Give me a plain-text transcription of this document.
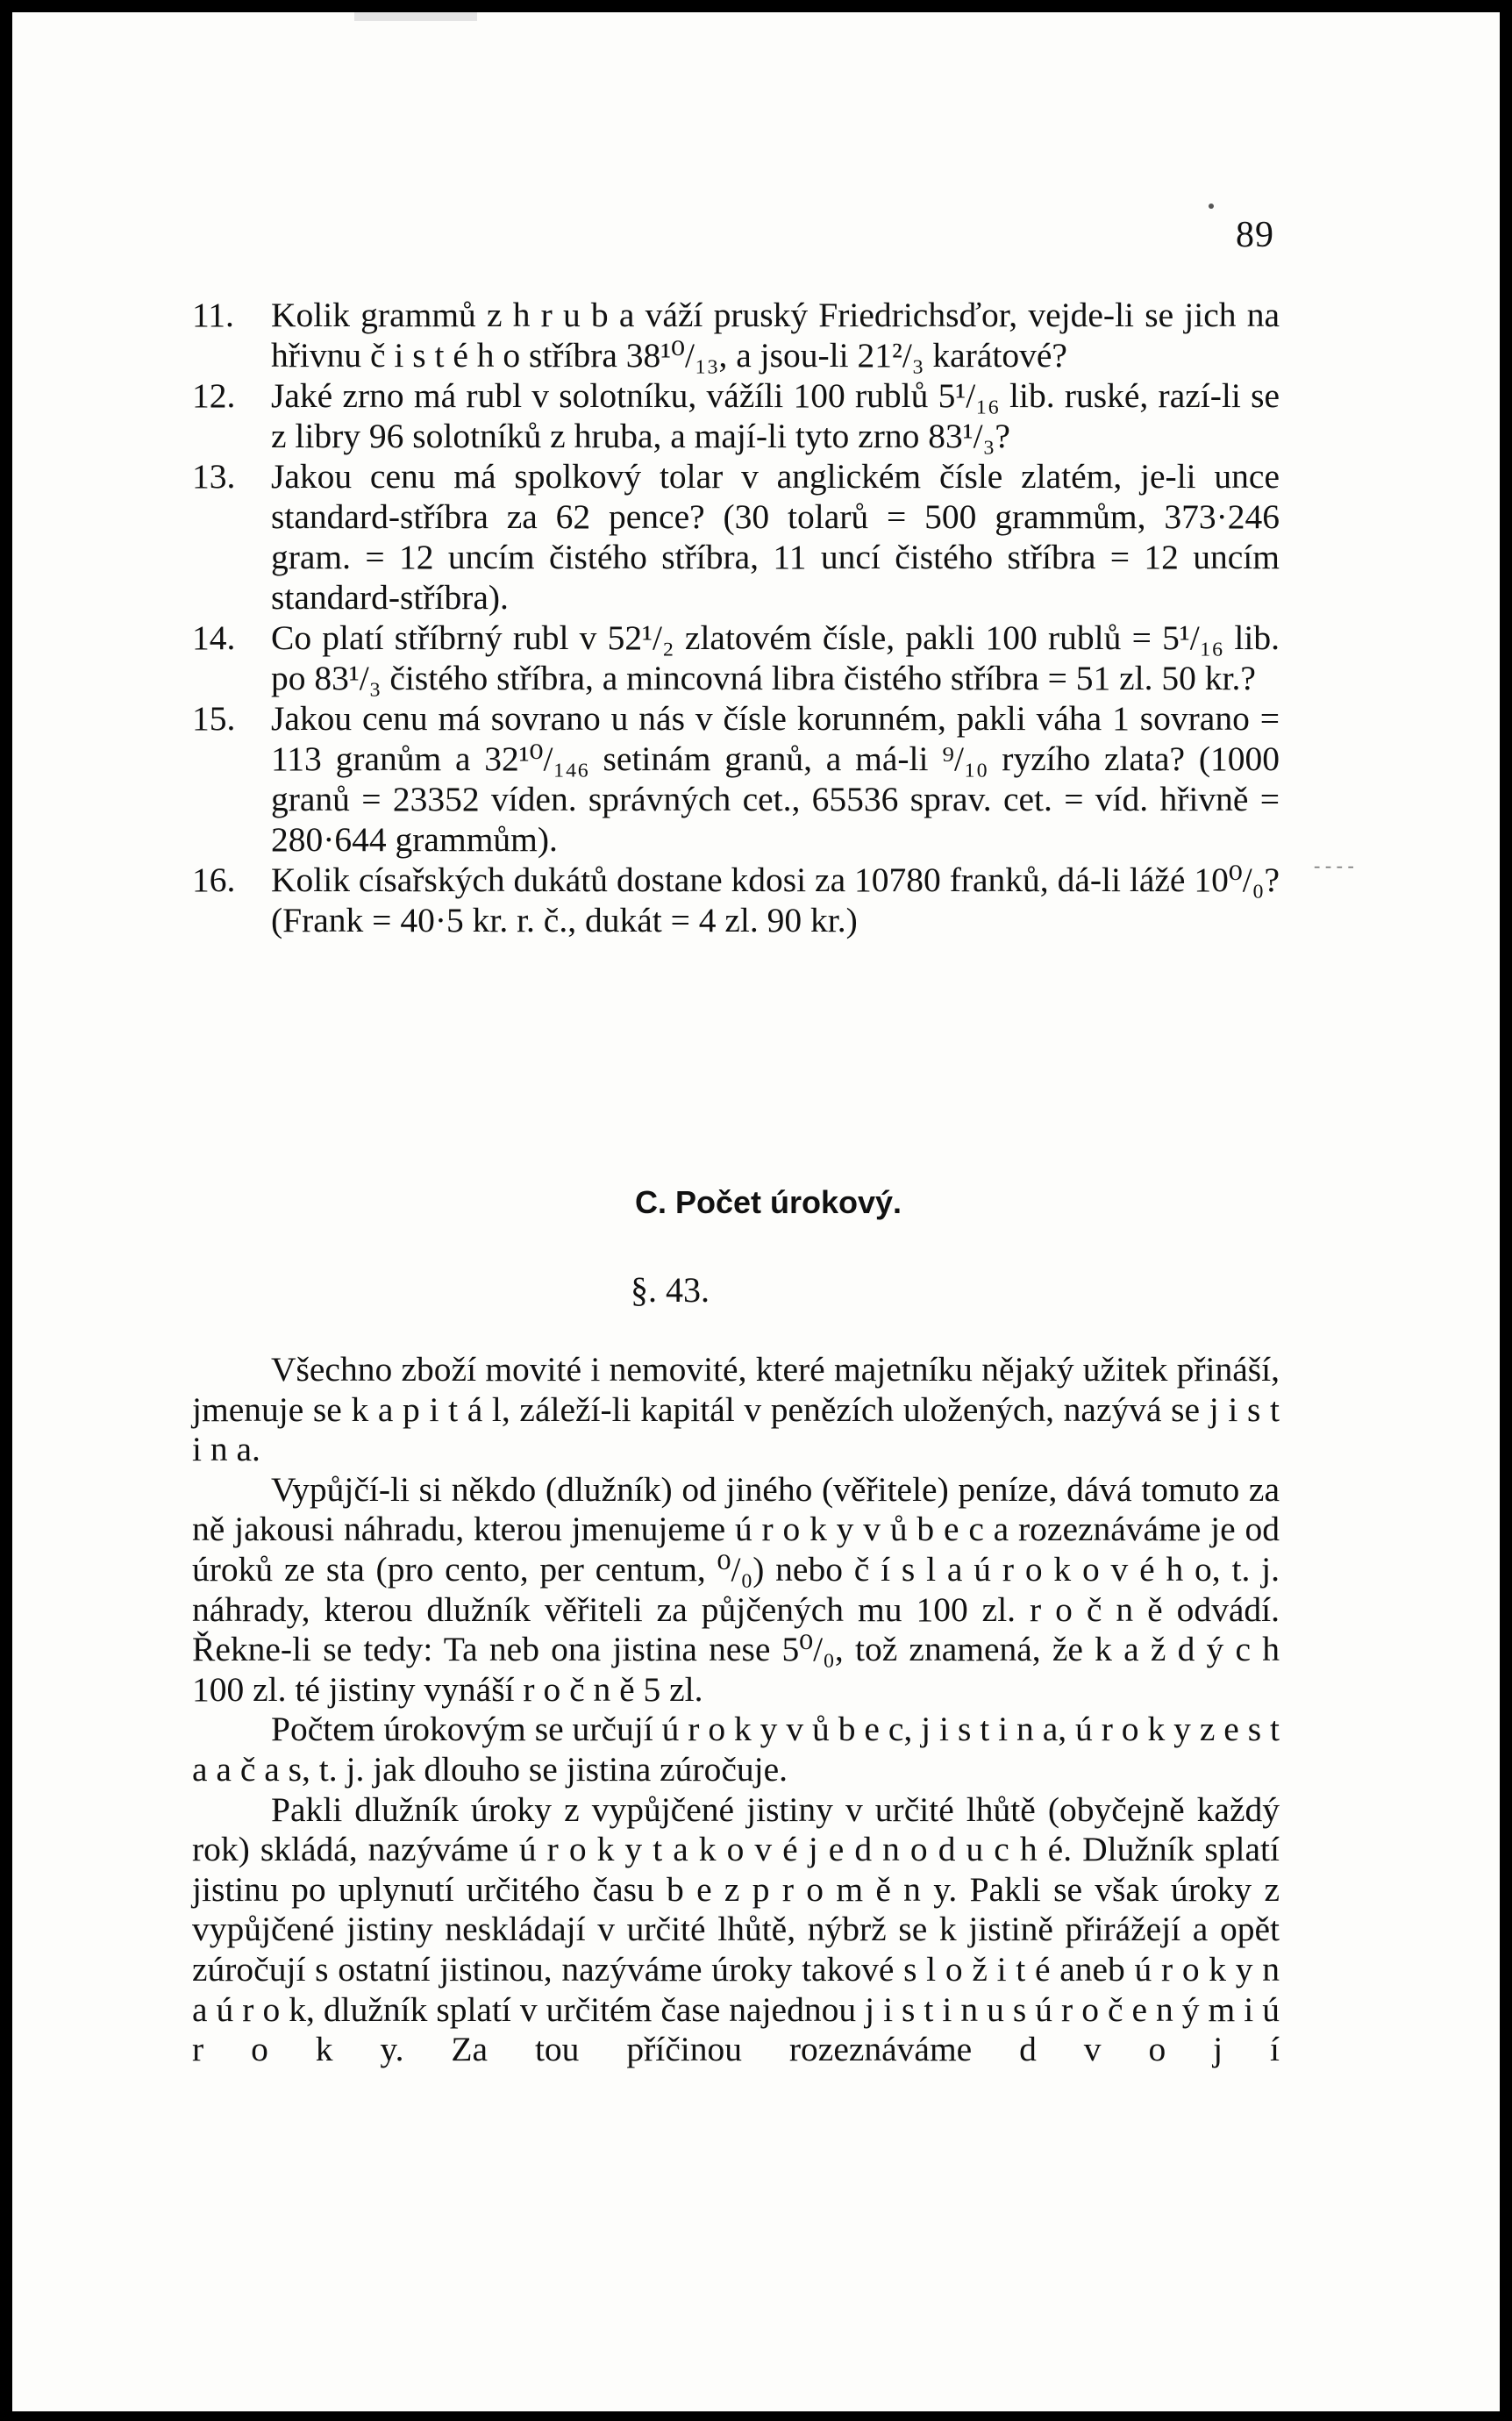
89
11. Kolik grammů z h r u b a váží pruský Friedrichsďor, vejde-li se jich na hřivnu č i s t é h o stříbra 38¹⁰/₁₃, a jsou-li 21²/₃ karátové?
12. Jaké zrno má rubl v solotníku, vážíli 100 rublů 5¹/₁₆ lib. ruské, razí-li se z libry 96 solotníků z hruba, a mají-li tyto zrno 83¹/₃?
13. Jakou cenu má spolkový tolar v anglickém čísle zlatém, je-li unce standard-stříbra za 62 pence? (30 tolarů = 500 grammům, 373·246 gram. = 12 uncím čistého stříbra, 11 uncí čistého stříbra = 12 uncím standard-stříbra).
14. Co platí stříbrný rubl v 52¹/₂ zlatovém čísle, pakli 100 rublů = 5¹/₁₆ lib. po 83¹/₃ čistého stříbra, a mincovná libra čistého stříbra = 51 zl. 50 kr.?
15. Jakou cenu má sovrano u nás v čísle korunném, pakli váha 1 sovrano = 113 granům a 32¹⁰/₁₄₆ setinám granů, a má-li ⁹/₁₀ ryzího zlata? (1000 granů = 23352 víden. správných cet., 65536 sprav. cet. = víd. hřivně = 280·644 grammům).
16. Kolik císařských dukátů dostane kdosi za 10780 franků, dá-li lážé 10⁰/₀? (Frank = 40·5 kr. r. č., dukát = 4 zl. 90 kr.)
- - - -
C. Počet úrokový.
§. 43.

Všechno zboží movité i nemovité, které majetníku nějaký užitek přináší, jmenuje se k a p i t á l, záleží-li kapitál v penězích uložených, nazývá se j i s t i n a.

Vypůjčí-li si někdo (dlužník) od jiného (věřitele) peníze, dává tomuto za ně jakousi náhradu, kterou jmenujeme ú r o k y v ů b e c a rozeznáváme je od úroků ze sta (pro cento, per centum, ⁰/₀) nebo č í s l a ú r o k o v é h o, t. j. náhrady, kterou dlužník věřiteli za půjčených mu 100 zl. r o č n ě odvádí. Řekne-li se tedy: Ta neb ona jistina nese 5⁰/₀, tož znamená, že k a ž d ý c h 100 zl. té jistiny vynáší r o č n ě 5 zl.

Počtem úrokovým se určují ú r o k y v ů b e c, j i s t i n a, ú r o k y z e s t a a č a s, t. j. jak dlouho se jistina zúročuje.

Pakli dlužník úroky z vypůjčené jistiny v určité lhůtě (obyčejně každý rok) skládá, nazýváme ú r o k y t a k o v é j e d n o d u c h é. Dlužník splatí jistinu po uplynutí určitého času b e z p r o m ě n y. Pakli se však úroky z vypůjčené jistiny neskládají v určité lhůtě, nýbrž se k jistině přirážejí a opět zúročují s ostatní jistinou, nazýváme úroky takové s l o ž i t é aneb ú r o k y n a ú r o k, dlužník splatí v určitém čase najednou j i s t i n u s ú r o č e n ý m i ú r o k y. Za tou příčinou rozeznáváme d v o j í
